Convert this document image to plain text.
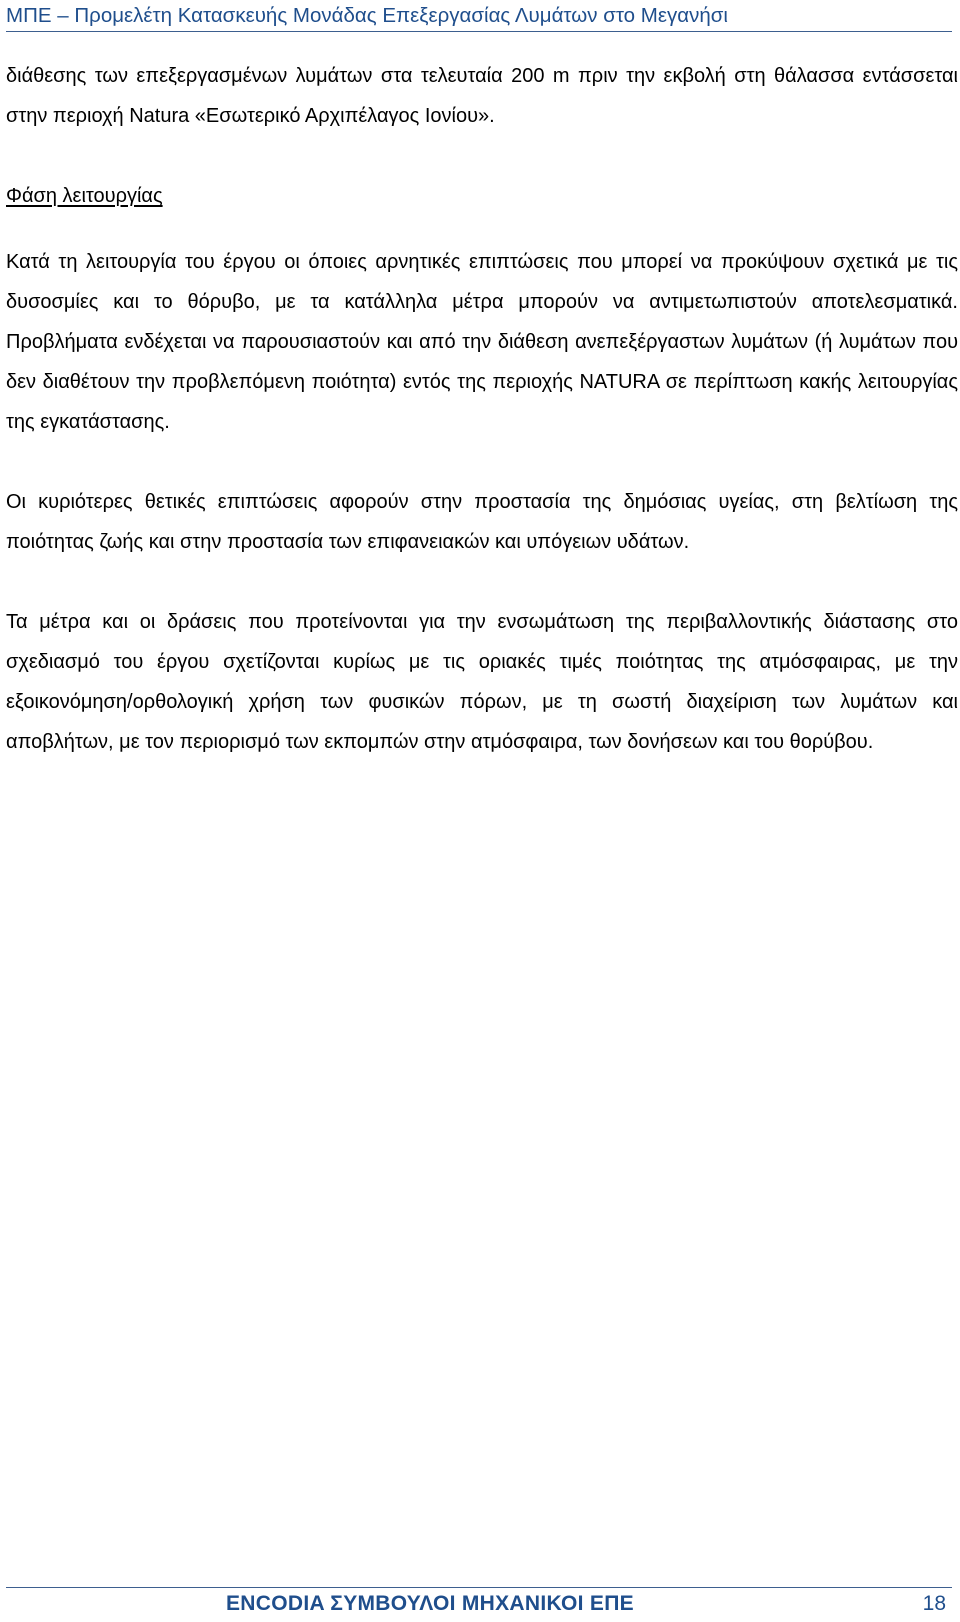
ΜΠΕ – Προμελέτη Κατασκευής Μονάδας Επεξεργασίας Λυμάτων στο Μεγανήσι

διάθεσης των επεξεργασμένων λυμάτων στα τελευταία 200 m πριν την εκβολή στη θάλασσα εντάσσεται στην περιοχή Natura «Εσωτερικό Αρχιπέλαγος Ιονίου».

Φάση λειτουργίας

Κατά τη λειτουργία του έργου οι όποιες αρνητικές επιπτώσεις που μπορεί να προκύψουν σχετικά με τις δυσοσμίες και το θόρυβο, με τα κατάλληλα μέτρα μπορούν να αντιμετωπιστούν αποτελεσματικά. Προβλήματα ενδέχεται να παρουσιαστούν και από την διάθεση ανεπεξέργαστων λυμάτων (ή λυμάτων που δεν διαθέτουν την προβλεπόμενη ποιότητα) εντός της περιοχής NATURA σε περίπτωση κακής λειτουργίας της εγκατάστασης.

Οι κυριότερες θετικές επιπτώσεις αφορούν στην προστασία της δημόσιας υγείας, στη βελτίωση της ποιότητας ζωής και στην προστασία των επιφανειακών και υπόγειων υδάτων.

Τα μέτρα και οι δράσεις που προτείνονται για την ενσωμάτωση της περιβαλλοντικής διάστασης στο σχεδιασμό του έργου σχετίζονται κυρίως με τις οριακές τιμές ποιότητας της ατμόσφαιρας, με την εξοικονόμηση/ορθολογική χρήση των φυσικών πόρων, με τη σωστή διαχείριση των λυμάτων και αποβλήτων, με τον περιορισμό των εκπομπών στην ατμόσφαιρα, των δονήσεων και του θορύβου.

ENCODIA ΣΥΜΒΟΥΛΟΙ ΜΗΧΑΝΙΚΟΙ ΕΠΕ	18
